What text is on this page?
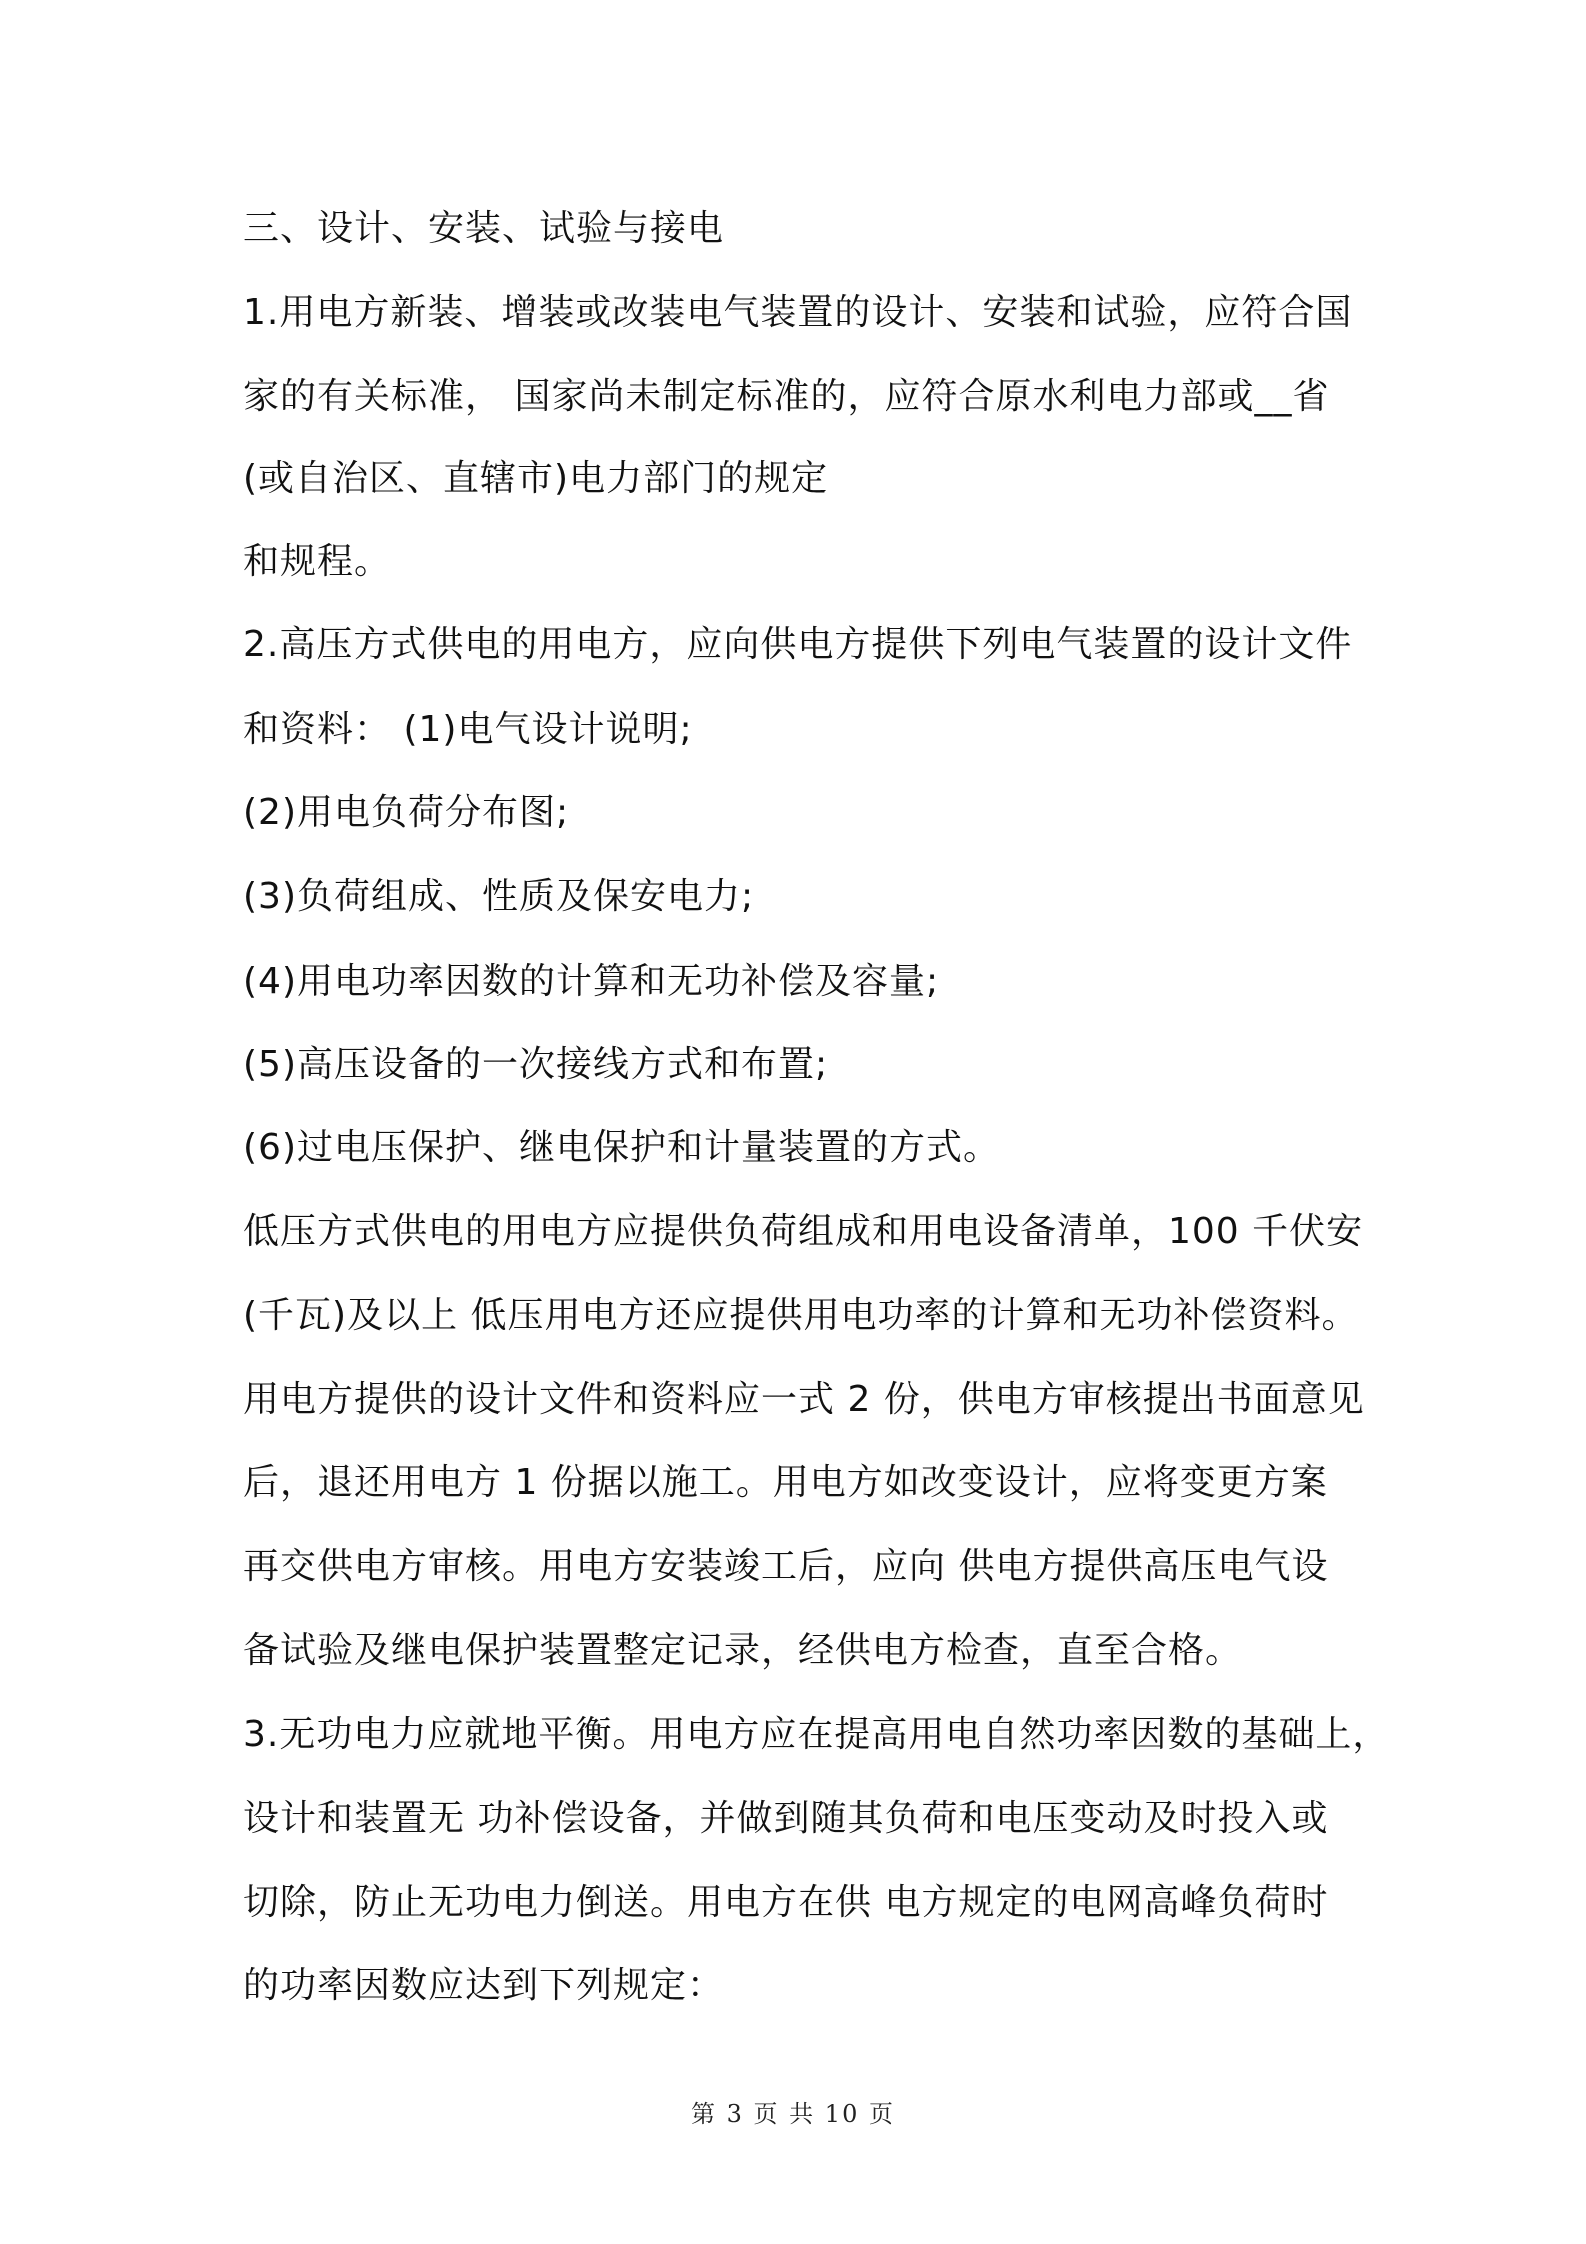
三、设计、安装、试验与接电
1.用电方新装、增装或改装电气装置的设计、安装和试验，应符合国
家的有关标准， 国家尚未制定标准的，应符合原水利电力部或__省
(或自治区、直辖市)电力部门的规定
和规程。
2.高压方式供电的用电方，应向供电方提供下列电气装置的设计文件
和资料： (1)电气设计说明;
(2)用电负荷分布图;
(3)负荷组成、性质及保安电力;
(4)用电功率因数的计算和无功补偿及容量;
(5)高压设备的一次接线方式和布置;
(6)过电压保护、继电保护和计量装置的方式。
低压方式供电的用电方应提供负荷组成和用电设备清单，100 千伏安
(千瓦)及以上 低压用电方还应提供用电功率的计算和无功补偿资料。
用电方提供的设计文件和资料应一式 2 份，供电方审核提出书面意见
后，退还用电方 1 份据以施工。用电方如改变设计，应将变更方案
再交供电方审核。用电方安装竣工后，应向 供电方提供高压电气设
备试验及继电保护装置整定记录，经供电方检查，直至合格。
3.无功电力应就地平衡。用电方应在提高用电自然功率因数的基础上，
设计和装置无 功补偿设备，并做到随其负荷和电压变动及时投入或
切除，防止无功电力倒送。用电方在供 电方规定的电网高峰负荷时
的功率因数应达到下列规定：
第 3 页 共 10 页
